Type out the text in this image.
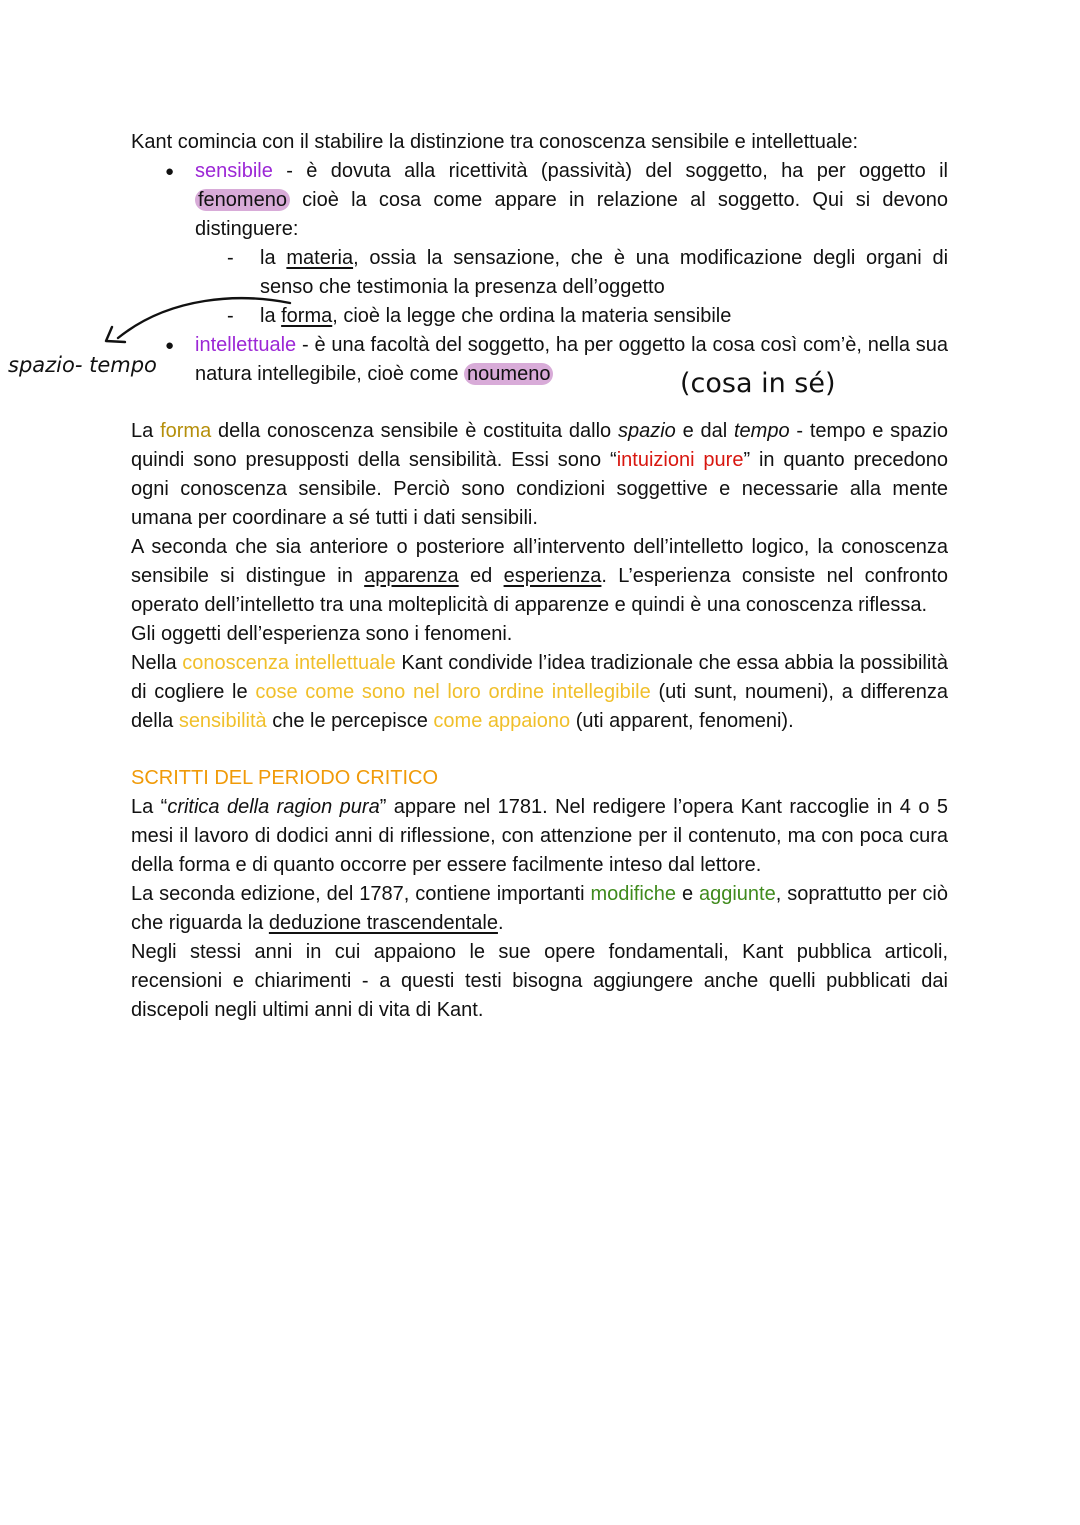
Kant comincia con il stabilire la distinzione tra conoscenza sensibile e intellettuale:

● sensibile - è dovuta alla ricettività (passività) del soggetto, ha per oggetto il fenomeno cioè la cosa come appare in relazione al soggetto. Qui si devono distinguere:
- la materia, ossia la sensazione, che è una modificazione degli organi di senso che testimonia la presenza dell’oggetto
- la forma, cioè la legge che ordina la materia sensibile
● intellettuale - è una facoltà del soggetto, ha per oggetto la cosa così com’è, nella sua natura intellegibile, cioè come noumeno

La forma della conoscenza sensibile è costituita dallo spazio e dal tempo - tempo e spazio quindi sono presupposti della sensibilità. Essi sono “intuizioni pure” in quanto precedono ogni conoscenza sensibile. Perciò sono condizioni soggettive e necessarie alla mente umana per coordinare a sé tutti i dati sensibili.

A seconda che sia anteriore o posteriore all’intervento dell’intelletto logico, la conoscenza sensibile si distingue in apparenza ed esperienza. L’esperienza consiste nel confronto operato dell’intelletto tra una molteplicità di apparenze e quindi è una conoscenza riflessa.

Gli oggetti dell’esperienza sono i fenomeni.

Nella conoscenza intellettuale Kant condivide l’idea tradizionale che essa abbia la possibilità di cogliere le cose come sono nel loro ordine intellegibile (uti sunt, noumeni), a differenza della sensibilità che le percepisce come appaiono (uti apparent, fenomeni).

SCRITTI DEL PERIODO CRITICO

La “critica della ragion pura” appare nel 1781. Nel redigere l’opera Kant raccoglie in 4 o 5 mesi il lavoro di dodici anni di riflessione, con attenzione per il contenuto, ma con poca cura della forma e di quanto occorre per essere facilmente inteso dal lettore.

La seconda edizione, del 1787, contiene importanti modifiche e aggiunte, soprattutto per ciò che riguarda la deduzione trascendentale.

Negli stessi anni in cui appaiono le sue opere fondamentali, Kant pubblica articoli, recensioni e chiarimenti - a questi testi bisogna aggiungere anche quelli pubblicati dai discepoli negli ultimi anni di vita di Kant.

spazio- tempo
(cosa in sé)
